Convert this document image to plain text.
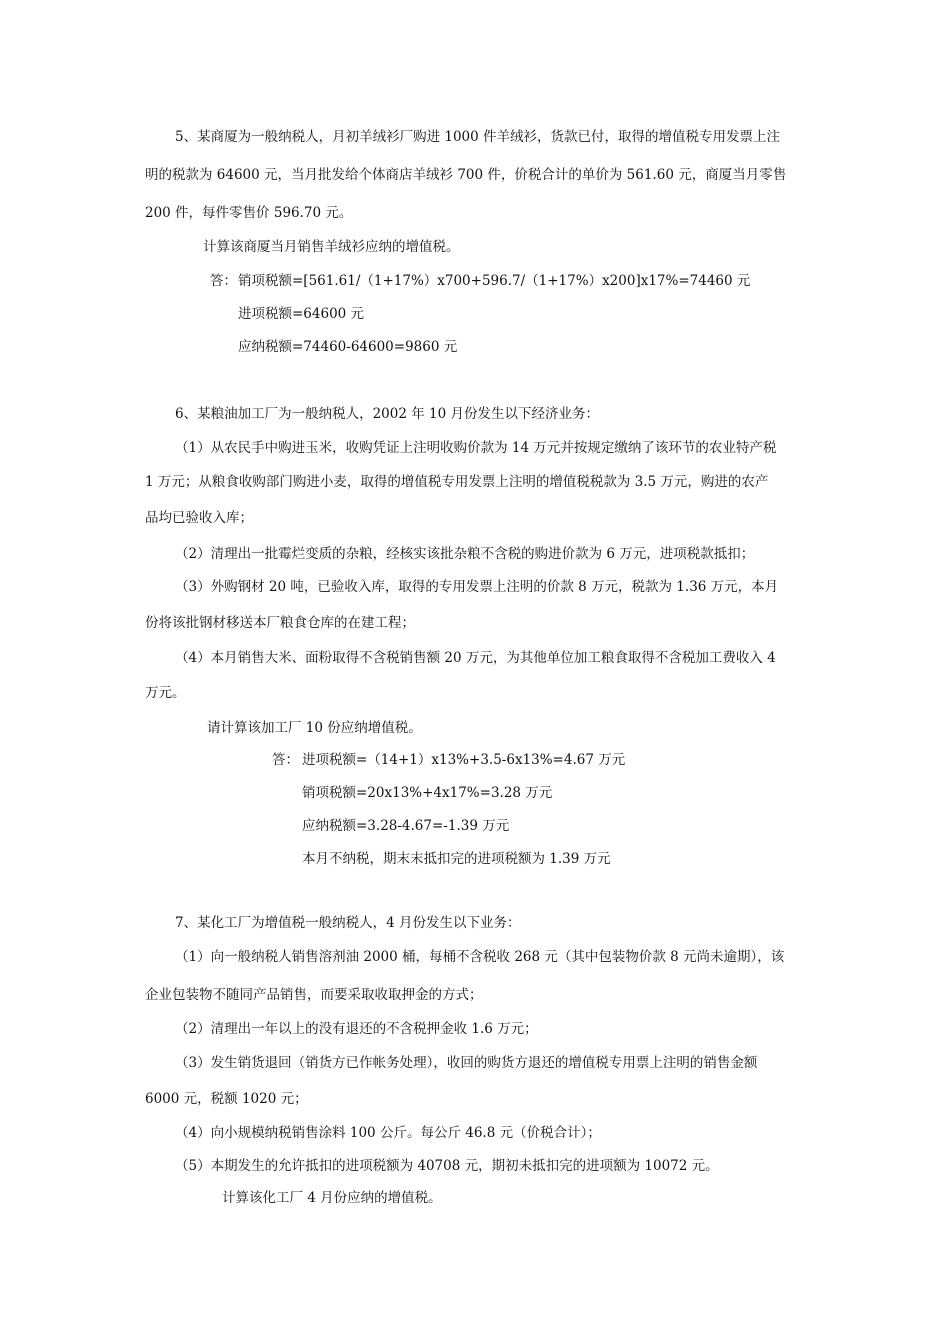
5、某商厦为一般纳税人，月初羊绒衫厂购进 1000 件羊绒衫，货款已付，取得的增值税专用发票上注
明的税款为 64600 元，当月批发给个体商店羊绒衫 700 件，价税合计的单价为 561.60 元，商厦当月零售
200 件，每件零售价 596.70 元。
计算该商厦当月销售羊绒衫应纳的增值税。
答： 销项税额=[561.61/（1+17%）x700+596.7/（1+17%）x200]x17%=74460 元
进项税额=64600 元
应纳税额=74460-64600=9860 元
6、某粮油加工厂为一般纳税人，2002 年 10 月份发生以下经济业务：
（1）从农民手中购进玉米，收购凭证上注明收购价款为 14 万元并按规定缴纳了该环节的农业特产税
1 万元；从粮食收购部门购进小麦，取得的增值税专用发票上注明的增值税税款为 3.5 万元，购进的农产
品均已验收入库；
（2）清理出一批霉烂变质的杂粮，经核实该批杂粮不含税的购进价款为 6 万元，进项税款抵扣；
（3）外购钢材 20 吨，已验收入库，取得的专用发票上注明的价款 8 万元，税款为 1.36 万元，本月
份将该批钢材移送本厂粮食仓库的在建工程；
（4）本月销售大米、面粉取得不含税销售额 20 万元，为其他单位加工粮食取得不含税加工费收入 4
万元。
请计算该加工厂 10 份应纳增值税。
答： 进项税额=（14+1）x13%+3.5-6x13%=4.67 万元
销项税额=20x13%+4x17%=3.28 万元
应纳税额=3.28-4.67=-1.39 万元
本月不纳税，期末末抵扣完的进项税额为 1.39 万元
7、某化工厂为增值税一般纳税人，4 月份发生以下业务：
（1）向一般纳税人销售溶剂油 2000 桶，每桶不含税收 268 元（其中包装物价款 8 元尚未逾期），该
企业包装物不随同产品销售，而要采取收取押金的方式；
（2）清理出一年以上的没有退还的不含税押金收 1.6 万元；
（3）发生销货退回（销货方已作帐务处理），收回的购货方退还的增值税专用票上注明的销售金额
6000 元，税额 1020 元；
（4）向小规模纳税销售涂料 100 公斤。每公斤 46.8 元（价税合计）；
（5）本期发生的允许抵扣的进项税额为 40708 元，期初未抵扣完的进项额为 10072 元。
计算该化工厂 4 月份应纳的增值税。
